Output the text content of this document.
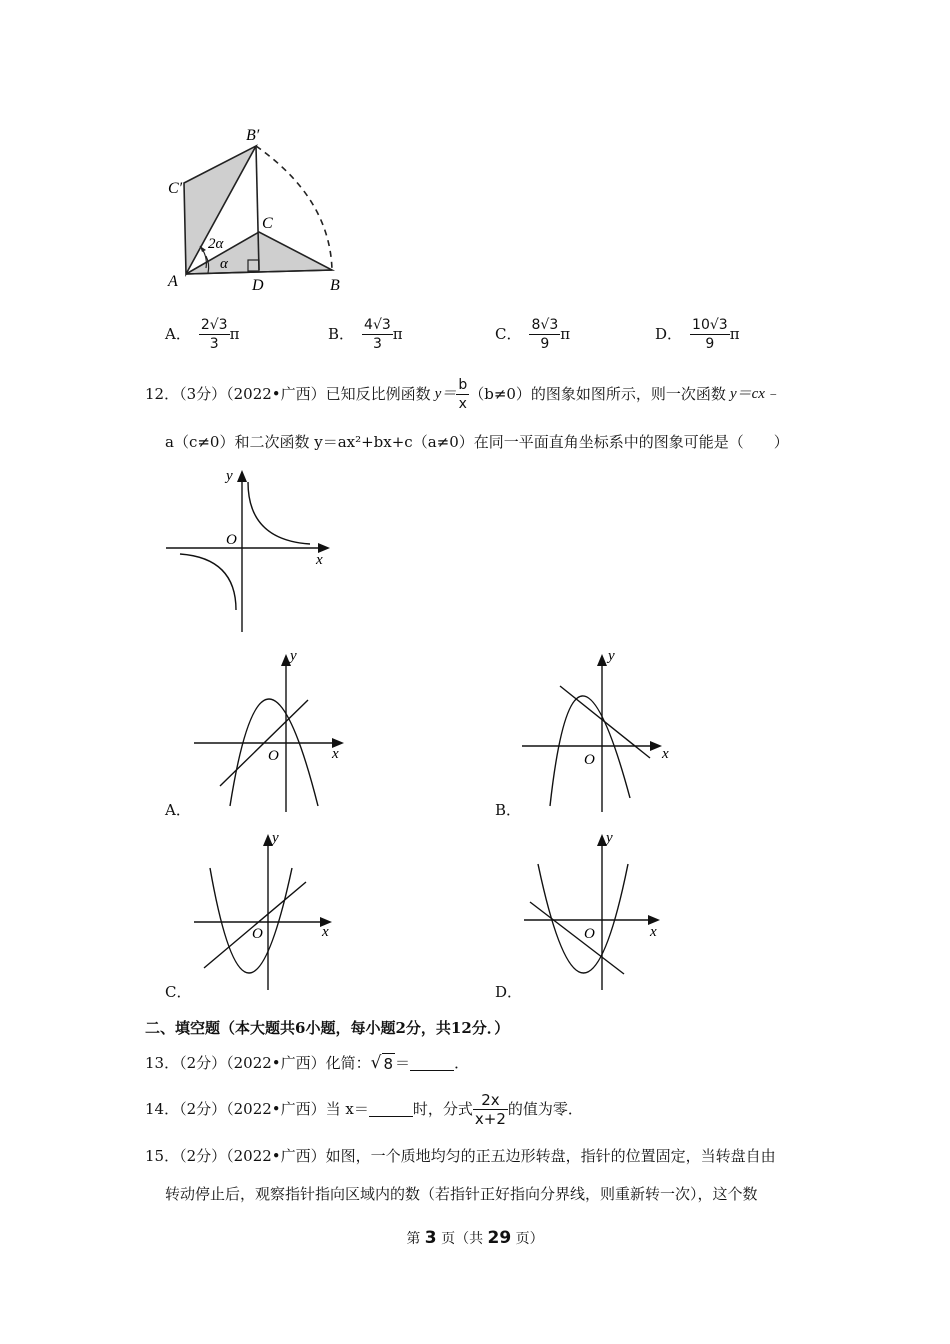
B′
C′
C
2α
α
A	D	B
A． $\frac{2√3}{3}$ π	B． $\frac{4√3}{3}$ π	C． $\frac{8√3}{9}$ π	D． $\frac{10√3}{9}$ π
12．（3分）（2022•广西）已知反比例函数 $y= \frac{b}{x} (b\ne 0)$的图象如图所示，则一次函数 y＝cx﹣
a（c≠0）和二次函数 y＝ax²+bx+c（a≠0）在同一平面直角坐标系中的图象可能是（　　）
y
x
O
y
x
O
A．
y
x
O
B．
y
x
O
C．
y
x
O
D．
二、填空题（本大题共6小题，每小题2分，共12分．）
13．（2分）（2022•广西）化简： √ 8 ＝	．
14．（2分）（2022•广西）当 x＝	时，分式 $\frac{2x}{x+2}$ 的值为零．
15．（2分）（2022•广西）如图，一个质地均匀的正五边形转盘，指针的位置固定，当转盘自由
转动停止后，观察指针指向区域内的数（若指针正好指向分界线，则重新转一次），这个数
第 3 页（共 29 页）
